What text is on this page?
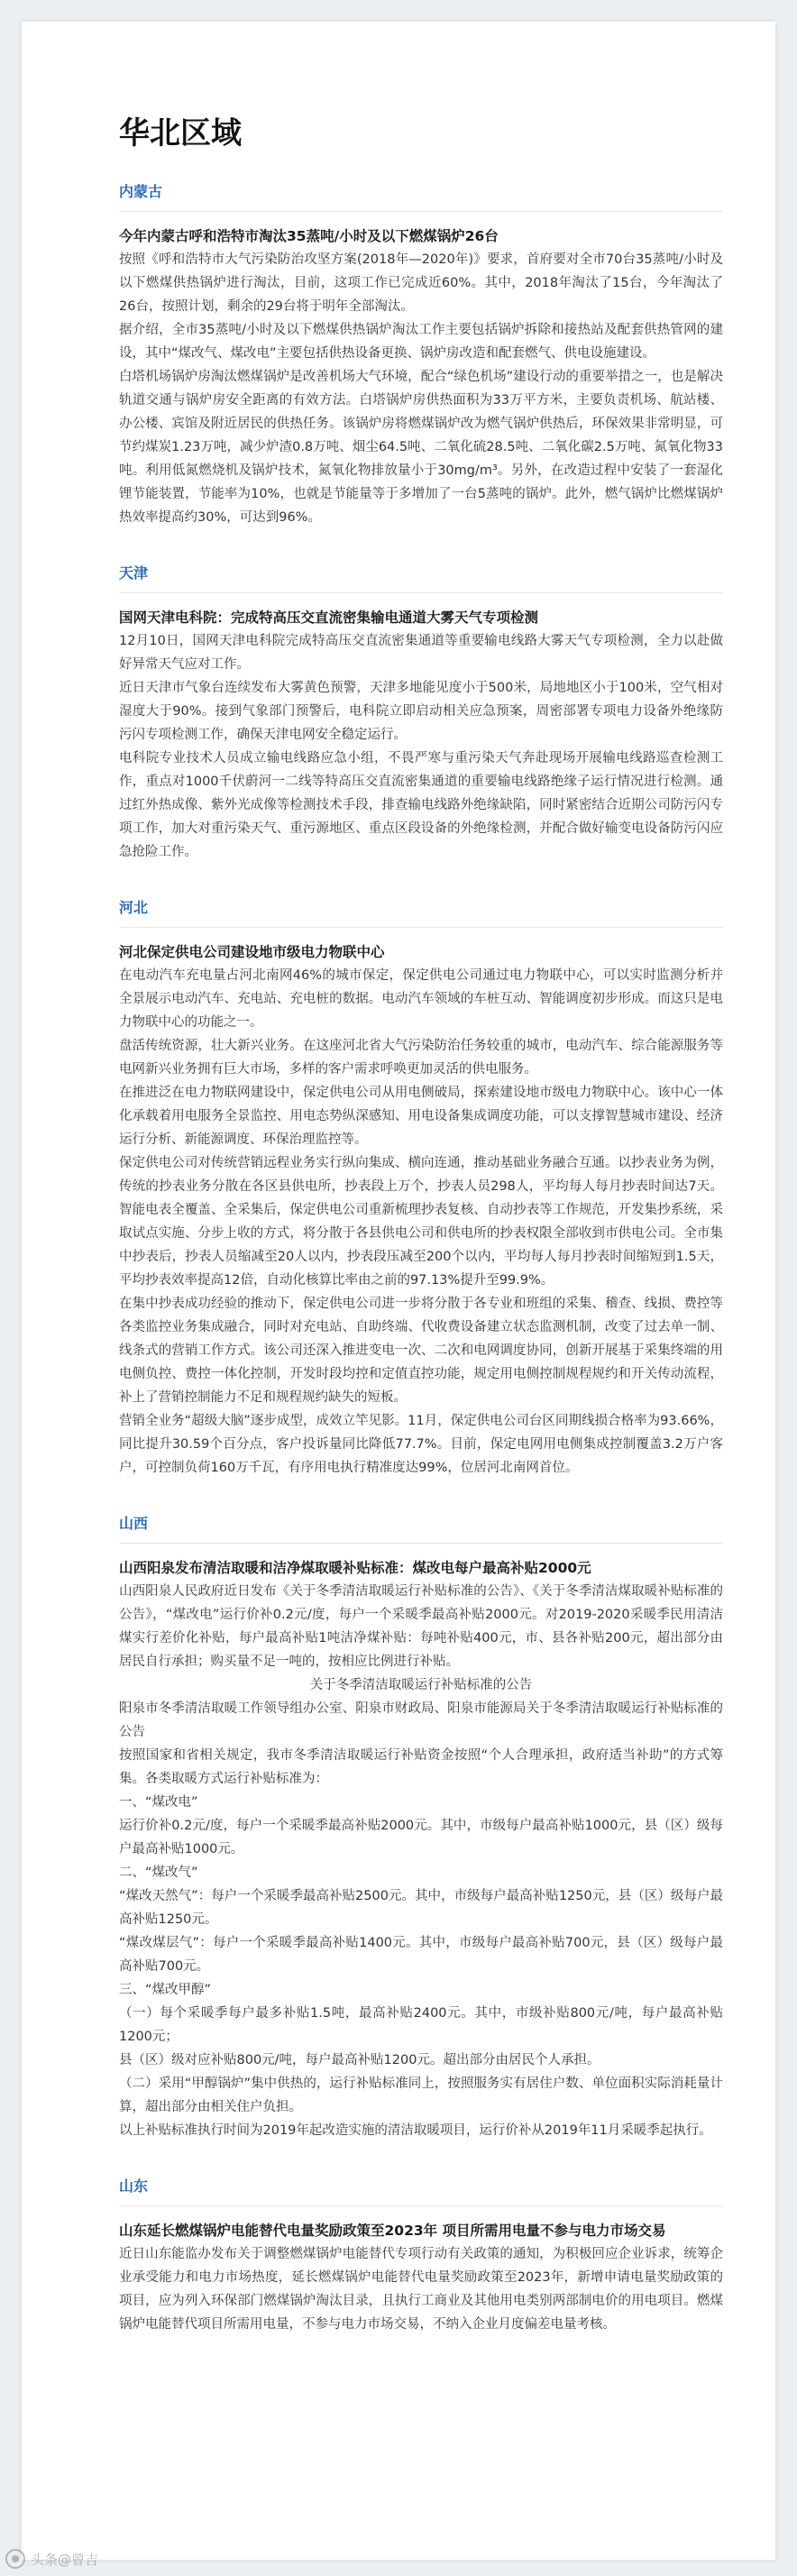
华北区域
内蒙古
今年内蒙古呼和浩特市淘汰35蒸吨/小时及以下燃煤锅炉26台

按照《呼和浩特市大气污染防治攻坚方案(2018年—2020年)》要求，首府要对全市70台35蒸吨/小时及以下燃煤供热锅炉进行淘汰，目前，这项工作已完成近60%。其中，2018年淘汰了15台，今年淘汰了26台，按照计划，剩余的29台将于明年全部淘汰。

据介绍，全市35蒸吨/小时及以下燃煤供热锅炉淘汰工作主要包括锅炉拆除和接热站及配套供热管网的建设，其中“煤改气、煤改电”主要包括供热设备更换、锅炉房改造和配套燃气、供电设施建设。

白塔机场锅炉房淘汰燃煤锅炉是改善机场大气环境，配合“绿色机场”建设行动的重要举措之一，也是解决轨道交通与锅炉房安全距离的有效方法。白塔锅炉房供热面积为33万平方米，主要负责机场、航站楼、办公楼、宾馆及附近居民的供热任务。该锅炉房将燃煤锅炉改为燃气锅炉供热后，环保效果非常明显，可节约煤炭1.23万吨，减少炉渣0.8万吨、烟尘64.5吨、二氧化硫28.5吨、二氧化碳2.5万吨、氮氧化物33吨。利用低氮燃烧机及锅炉技术，氮氧化物排放量小于30mg/m³。另外，在改造过程中安装了一套湿化锂节能装置，节能率为10%，也就是节能量等于多增加了一台5蒸吨的锅炉。此外，燃气锅炉比燃煤锅炉热效率提高约30%，可达到96%。

天津
国网天津电科院：完成特高压交直流密集输电通道大雾天气专项检测

12月10日，国网天津电科院完成特高压交直流密集通道等重要输电线路大雾天气专项检测，全力以赴做好异常天气应对工作。

近日天津市气象台连续发布大雾黄色预警，天津多地能见度小于500米，局地地区小于100米，空气相对湿度大于90%。接到气象部门预警后，电科院立即启动相关应急预案，周密部署专项电力设备外绝缘防污闪专项检测工作，确保天津电网安全稳定运行。

电科院专业技术人员成立输电线路应急小组，不畏严寒与重污染天气奔赴现场开展输电线路巡查检测工作，重点对1000千伏蔚河一二线等特高压交直流密集通道的重要输电线路绝缘子运行情况进行检测。通过红外热成像、紫外光成像等检测技术手段，排查输电线路外绝缘缺陷，同时紧密结合近期公司防污闪专项工作，加大对重污染天气、重污源地区、重点区段设备的外绝缘检测，并配合做好输变电设备防污闪应急抢险工作。

河北
河北保定供电公司建设地市级电力物联中心

在电动汽车充电量占河北南网46%的城市保定，保定供电公司通过电力物联中心，可以实时监测分析并全景展示电动汽车、充电站、充电桩的数据。电动汽车领域的车桩互动、智能调度初步形成。而这只是电力物联中心的功能之一。

盘活传统资源，壮大新兴业务。在这座河北省大气污染防治任务较重的城市，电动汽车、综合能源服务等电网新兴业务拥有巨大市场，多样的客户需求呼唤更加灵活的供电服务。

在推进泛在电力物联网建设中，保定供电公司从用电侧破局，探索建设地市级电力物联中心。该中心一体化承载着用电服务全景监控、用电态势纵深感知、用电设备集成调度功能，可以支撑智慧城市建设、经济运行分析、新能源调度、环保治理监控等。

保定供电公司对传统营销远程业务实行纵向集成、横向连通，推动基础业务融合互通。以抄表业务为例，传统的抄表业务分散在各区县供电所，抄表段上万个，抄表人员298人，平均每人每月抄表时间达7天。智能电表全覆盖、全采集后，保定供电公司重新梳理抄表复核、自动抄表等工作规范，开发集抄系统，采取试点实施、分步上收的方式，将分散于各县供电公司和供电所的抄表权限全部收到市供电公司。全市集中抄表后，抄表人员缩减至20人以内，抄表段压减至200个以内，平均每人每月抄表时间缩短到1.5天，平均抄表效率提高12倍，自动化核算比率由之前的97.13%提升至99.9%。

在集中抄表成功经验的推动下，保定供电公司进一步将分散于各专业和班组的采集、稽查、线损、费控等各类监控业务集成融合，同时对充电站、自助终端、代收费设备建立状态监测机制，改变了过去单一制、线条式的营销工作方式。该公司还深入推进变电一次、二次和电网调度协同，创新开展基于采集终端的用电侧负控、费控一体化控制，开发时段均控和定值直控功能，规定用电侧控制规程规约和开关传动流程，补上了营销控制能力不足和规程规约缺失的短板。

营销全业务“超级大脑”逐步成型，成效立竿见影。11月，保定供电公司台区同期线损合格率为93.66%，同比提升30.59个百分点，客户投诉量同比降低77.7%。目前，保定电网用电侧集成控制覆盖3.2万户客户，可控制负荷160万千瓦，有序用电执行精准度达99%，位居河北南网首位。

山西
山西阳泉发布清洁取暖和洁净煤取暖补贴标准：煤改电每户最高补贴2000元

山西阳泉人民政府近日发布《关于冬季清洁取暖运行补贴标准的公告》、《关于冬季清洁煤取暖补贴标准的公告》，“煤改电”运行价补0.2元/度，每户一个采暖季最高补贴2000元。对2019-2020采暖季民用清洁煤实行差价化补贴，每户最高补贴1吨洁净煤补贴：每吨补贴400元，市、县各补贴200元，超出部分由居民自行承担；购买量不足一吨的，按相应比例进行补贴。

关于冬季清洁取暖运行补贴标准的公告

阳泉市冬季清洁取暖工作领导组办公室、阳泉市财政局、阳泉市能源局关于冬季清洁取暖运行补贴标准的公告

按照国家和省相关规定，我市冬季清洁取暖运行补贴资金按照“个人合理承担，政府适当补助”的方式筹集。各类取暖方式运行补贴标准为：

一、“煤改电”

运行价补0.2元/度，每户一个采暖季最高补贴2000元。其中，市级每户最高补贴1000元，县（区）级每户最高补贴1000元。

二、“煤改气”

“煤改天然气”：每户一个采暖季最高补贴2500元。其中，市级每户最高补贴1250元，县（区）级每户最高补贴1250元。

“煤改煤层气”：每户一个采暖季最高补贴1400元。其中，市级每户最高补贴700元，县（区）级每户最高补贴700元。

三、“煤改甲醇”

（一）每个采暖季每户最多补贴1.5吨，最高补贴2400元。其中，市级补贴800元/吨，每户最高补贴1200元；

县（区）级对应补贴800元/吨，每户最高补贴1200元。超出部分由居民个人承担。

（二）采用“甲醇锅炉”集中供热的，运行补贴标准同上，按照服务实有居住户数、单位面积实际消耗量计算，超出部分由相关住户负担。

以上补贴标准执行时间为2019年起改造实施的清洁取暖项目，运行价补从2019年11月采暖季起执行。

山东
山东延长燃煤锅炉电能替代电量奖励政策至2023年 项目所需用电量不参与电力市场交易

近日山东能监办发布关于调整燃煤锅炉电能替代专项行动有关政策的通知，为积极回应企业诉求，统筹企业承受能力和电力市场热度，延长燃煤锅炉电能替代电量奖励政策至2023年，新增申请电量奖励政策的项目，应为列入环保部门燃煤锅炉淘汰目录，且执行工商业及其他用电类别两部制电价的用电项目。燃煤锅炉电能替代项目所需用电量，不参与电力市场交易，不纳入企业月度偏差电量考核。

头条@曾吉
